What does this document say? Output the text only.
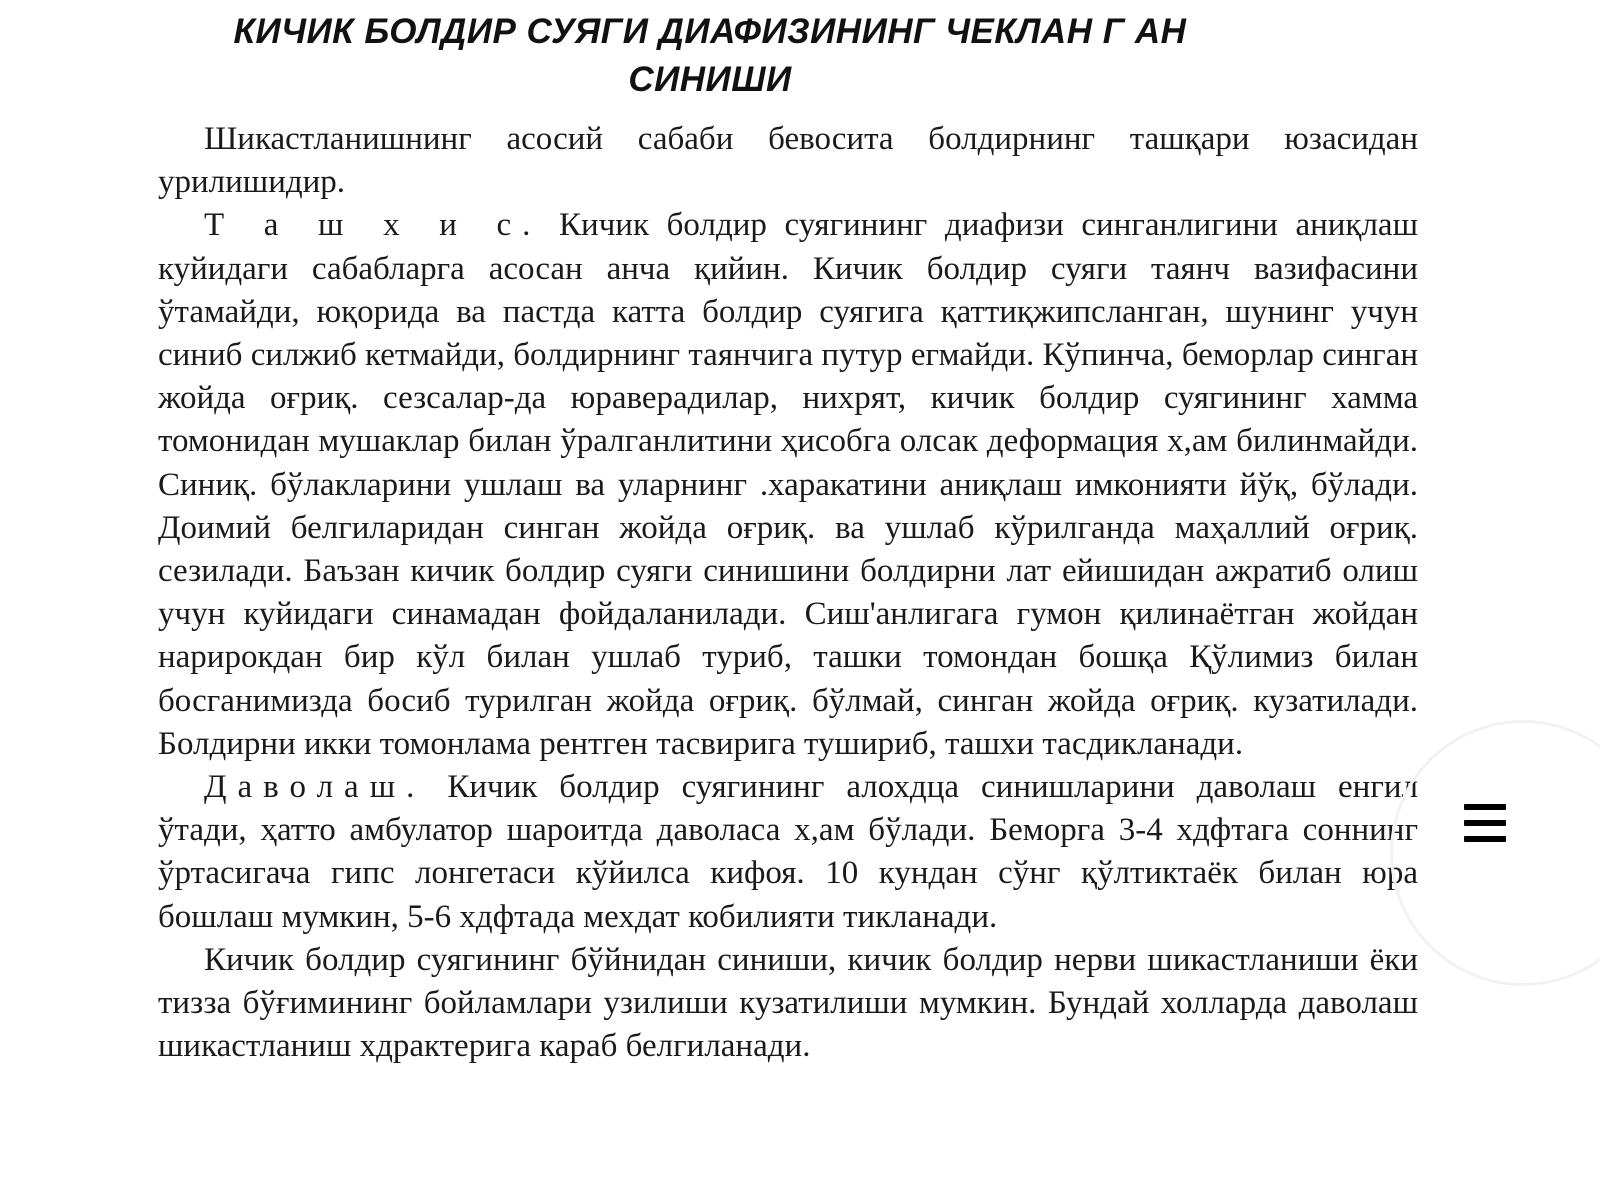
КИЧИК БОЛДИР СУЯГИ ДИАФИЗИНИНГ ЧЕКЛАН Г АН
СИНИШИ

Шикастланишнинг асосий сабаби бевосита болдирнинг ташқари юзасидан урилишидир.

Т а ш х и с. Кичик болдир суягининг диафизи синганлигини аниқлаш куйидаги сабабларга асосан анча қийин. Кичик болдир суяги таянч вазифасини ўтамайди, юқорида ва пастда катта болдир суягига қаттиқжипсланган, шунинг учун синиб силжиб кетмайди, болдирнинг таянчига путур егмайди. Кўпинча, беморлар синган жойда оғриқ. сезсалар-да юраверадилар, нихрят, кичик болдир суягининг хамма томонидан мушаклар билан ўралганлитини ҳисобга олсак деформация х,ам билинмайди. Синиқ. бўлакларини ушлаш ва уларнинг .харакатини аниқлаш имконияти йўқ, бўлади. Доимий белгиларидан синган жойда оғриқ. ва ушлаб кўрилганда маҳаллий оғриқ. сезилади. Баъзан кичик болдир суяги синишини болдирни лат ейишидан ажратиб олиш учун куйидаги синамадан фойдаланилади. Сиш'анлигага гумон қилинаётган жойдан нарирокдан бир кўл билан ушлаб туриб, ташки томондан бошқа Қўлимиз билан босганимизда босиб турилган жойда оғриқ. бўлмай, синган жойда оғриқ. кузатилади. Болдирни икки томонлама рентген тасвирига тушириб, ташхи тасдикланади.

Даволаш. Кичик болдир суягининг алохдца синишларини даволаш енгил ўтади, ҳатто амбулатор шароитда даволаса х,ам бўлади. Беморга 3-4 хдфтага соннинг ўртасигача гипс лонгетаси кўйилса кифоя. 10 кундан сўнг қўлтиктаёк билан юра бошлаш мумкин, 5-6 хдфтада мехдат кобилияти тикланади.

Кичик болдир суягининг бўйнидан синиши, кичик болдир нерви шикастланиши ёки тизза бўғимининг бойламлари узилиши кузатилиши мумкин. Бундай холларда даволаш шикастланиш хдрактерига караб белгиланади.
